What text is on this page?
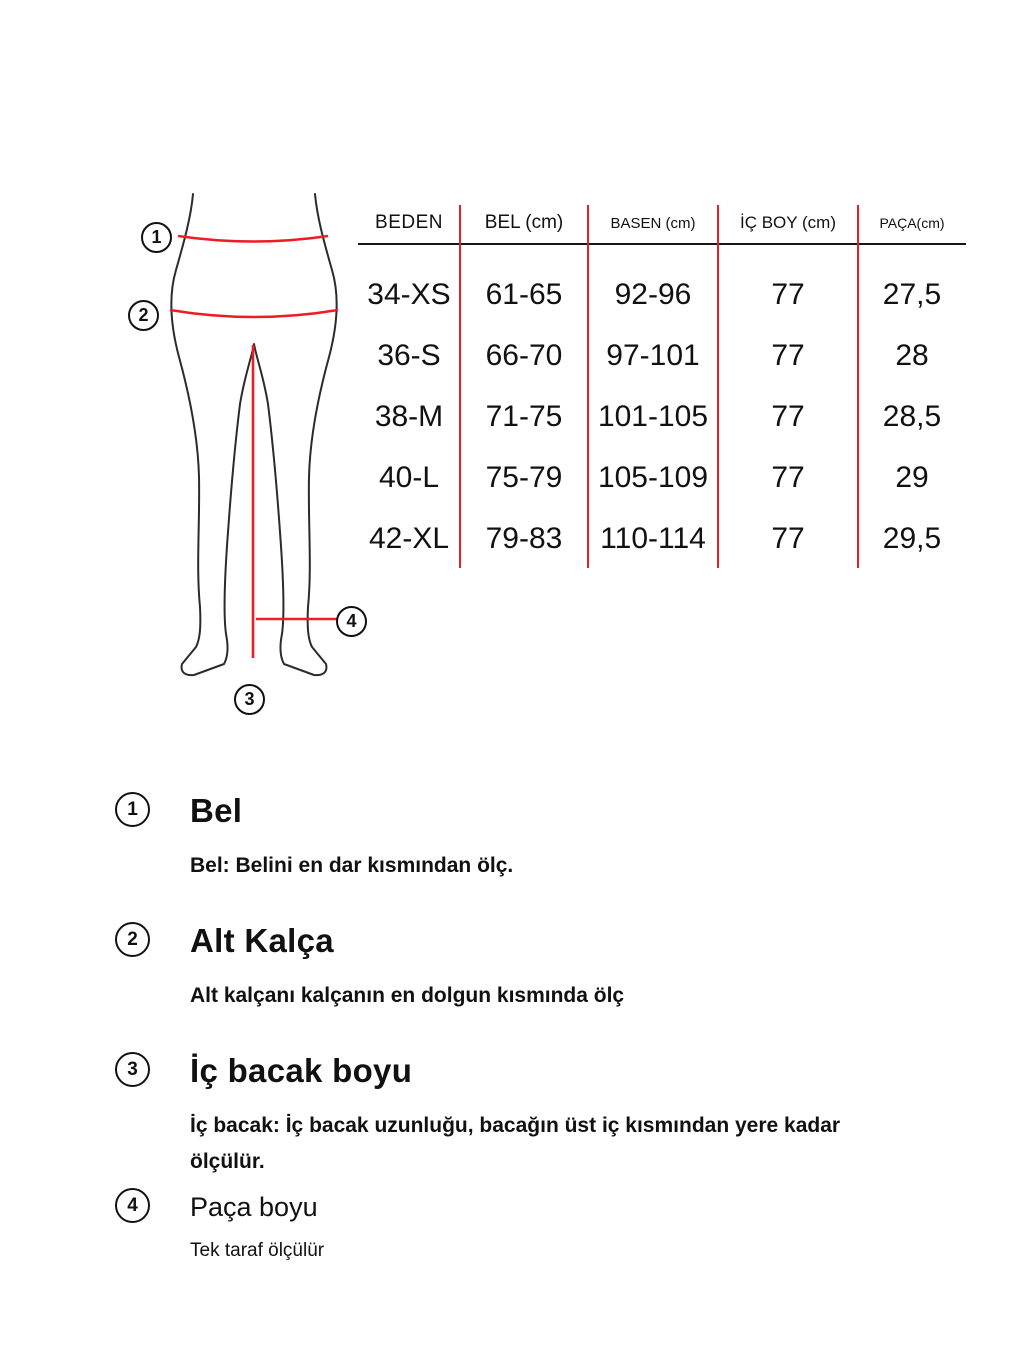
1
2
3
4
BEDEN	BEL (cm)	BASEN (cm)	İÇ BOY (cm)	PAÇA(cm)
34-XS	61-65	92-96	77	27,5
36-S	66-70	97-101	77	28
38-M	71-75	101-105	77	28,5
40-L	75-79	105-109	77	29
42-XL	79-83	110-114	77	29,5
1 Bel
Bel: Belini en dar kısmından ölç.
2 Alt Kalça
Alt kalçanı kalçanın en dolgun kısmında ölç
3 İç bacak boyu
İç bacak: İç bacak uzunluğu, bacağın üst iç kısmından yere kadar ölçülür.
4 Paça boyu
Tek taraf ölçülür
